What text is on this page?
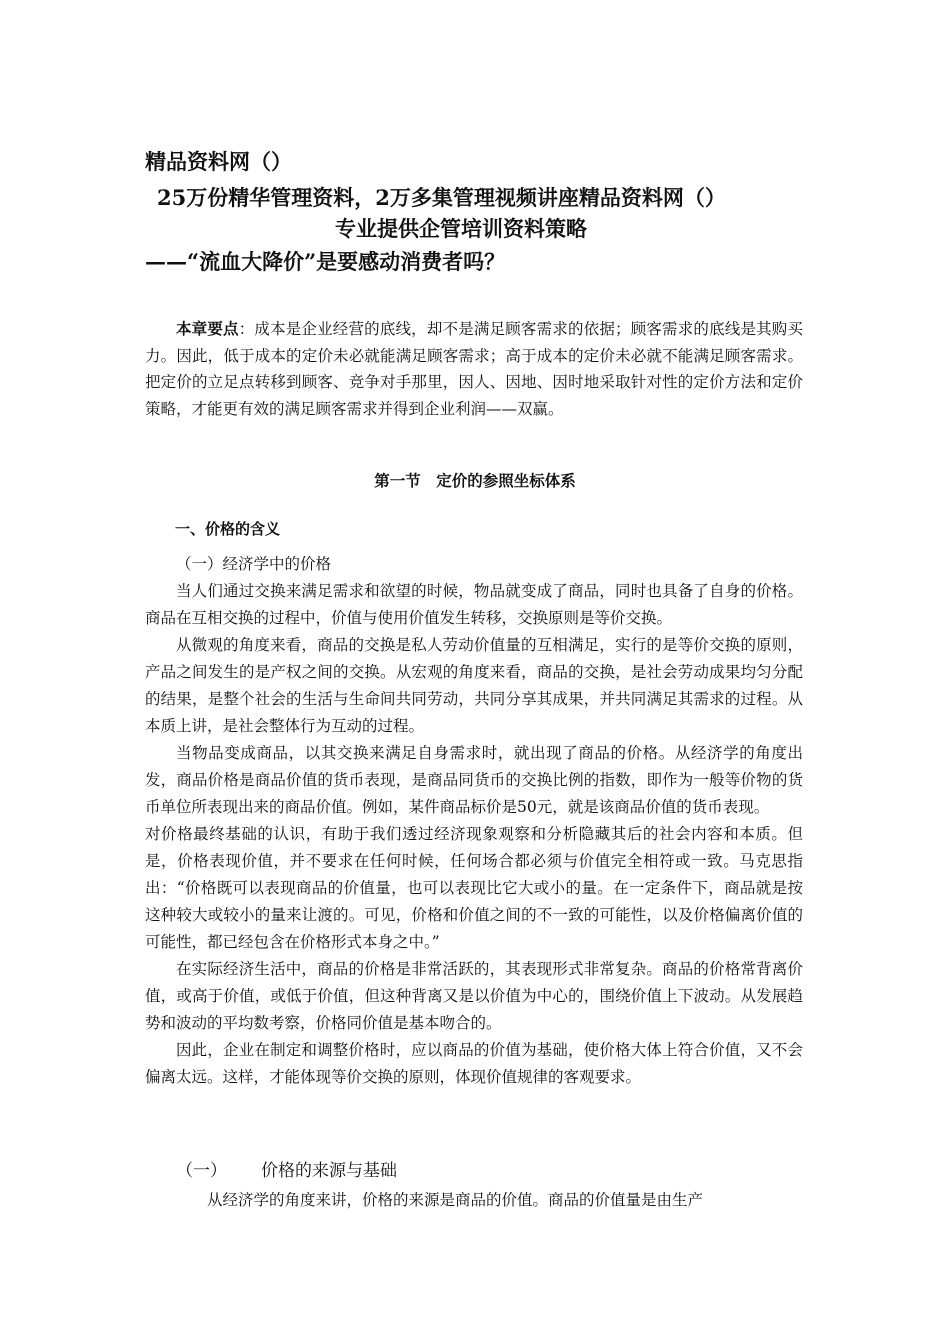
精品资料网（）
25万份精华管理资料，2万多集管理视频讲座精品资料网（）
专业提供企管培训资料策略
——“流血大降价”是要感动消费者吗？

本章要点：成本是企业经营的底线，却不是满足顾客需求的依据；顾客需求的底线是其购买力。因此，低于成本的定价未必就能满足顾客需求；高于成本的定价未必就不能满足顾客需求。把定价的立足点转移到顾客、竞争对手那里，因人、因地、因时地采取针对性的定价方法和定价策略，才能更有效的满足顾客需求并得到企业利润——双赢。

第一节　定价的参照坐标体系
一、价格的含义

（一）经济学中的价格

当人们通过交换来满足需求和欲望的时候，物品就变成了商品，同时也具备了自身的价格。商品在互相交换的过程中，价值与使用价值发生转移，交换原则是等价交换。

从微观的角度来看，商品的交换是私人劳动价值量的互相满足，实行的是等价交换的原则，产品之间发生的是产权之间的交换。从宏观的角度来看，商品的交换，是社会劳动成果均匀分配的结果，是整个社会的生活与生命间共同劳动，共同分享其成果，并共同满足其需求的过程。从本质上讲，是社会整体行为互动的过程。

当物品变成商品，以其交换来满足自身需求时，就出现了商品的价格。从经济学的角度出发，商品价格是商品价值的货币表现，是商品同货币的交换比例的指数，即作为一般等价物的货币单位所表现出来的商品价值。例如，某件商品标价是50元，就是该商品价值的货币表现。

对价格最终基础的认识，有助于我们透过经济现象观察和分析隐藏其后的社会内容和本质。但是，价格表现价值，并不要求在任何时候，任何场合都必须与价值完全相符或一致。马克思指出：“价格既可以表现商品的价值量，也可以表现比它大或小的量。在一定条件下，商品就是按这种较大或较小的量来让渡的。可见，价格和价值之间的不一致的可能性，以及价格偏离价值的可能性，都已经包含在价格形式本身之中。”

在实际经济生活中，商品的价格是非常活跃的，其表现形式非常复杂。商品的价格常背离价值，或高于价值，或低于价值，但这种背离又是以价值为中心的，围绕价值上下波动。从发展趋势和波动的平均数考察，价格同价值是基本吻合的。

因此，企业在制定和调整价格时，应以商品的价值为基础，使价格大体上符合价值，又不会偏离太远。这样，才能体现等价交换的原则，体现价值规律的客观要求。

（一） 价格的来源与基础
从经济学的角度来讲，价格的来源是商品的价值。商品的价值量是由生产
